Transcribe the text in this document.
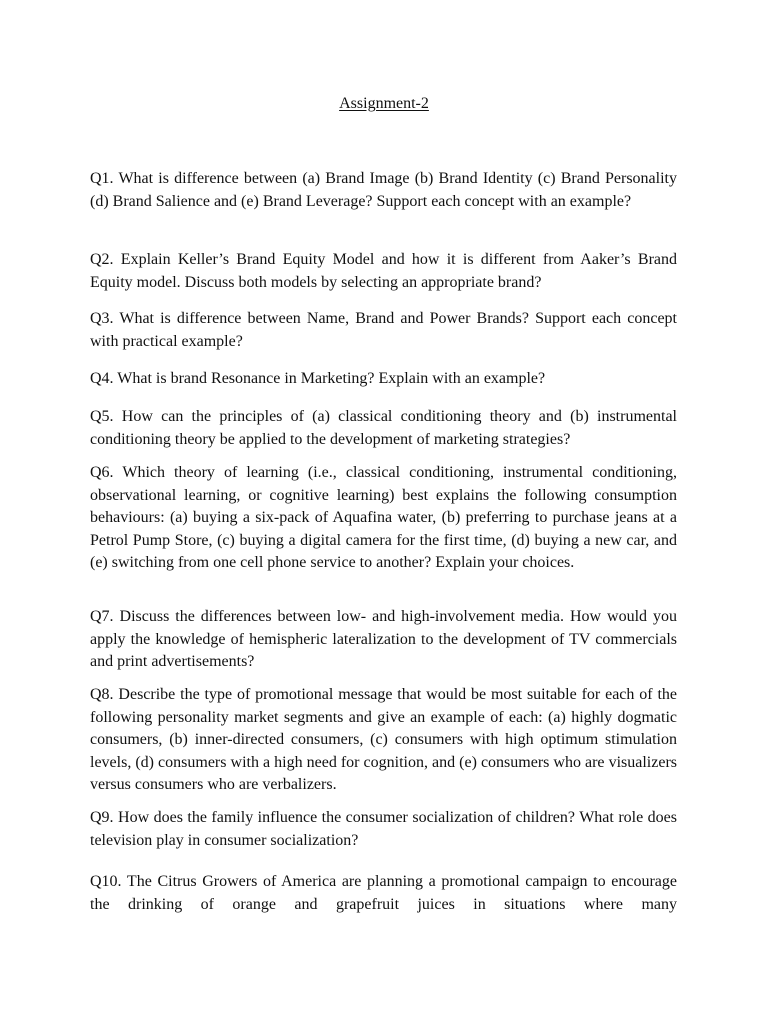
Assignment-2

Q1. What is difference between (a) Brand Image (b) Brand Identity (c) Brand Personality (d) Brand Salience and (e) Brand Leverage? Support each concept with an example?

Q2. Explain Keller’s Brand Equity Model and how it is different from Aaker’s Brand Equity model. Discuss both models by selecting an appropriate brand?

Q3. What is difference between Name, Brand and Power Brands? Support each concept with practical example?

Q4. What is brand Resonance in Marketing? Explain with an example?

Q5. How can the principles of (a) classical conditioning theory and (b) instrumental conditioning theory be applied to the development of marketing strategies?

Q6. Which theory of learning (i.e., classical conditioning, instrumental conditioning, observational learning, or cognitive learning) best explains the following consumption behaviours: (a) buying a six-pack of Aquafina water, (b) preferring to purchase jeans at a Petrol Pump Store, (c) buying a digital camera for the first time, (d) buying a new car, and (e) switching from one cell phone service to another? Explain your choices.

Q7. Discuss the differences between low- and high-involvement media. How would you apply the knowledge of hemispheric lateralization to the development of TV commercials and print advertisements?

Q8. Describe the type of promotional message that would be most suitable for each of the following personality market segments and give an example of each: (a) highly dogmatic consumers, (b) inner-directed consumers, (c) consumers with high optimum stimulation levels, (d) consumers with a high need for cognition, and (e) consumers who are visualizers versus consumers who are verbalizers.

Q9. How does the family influence the consumer socialization of children? What role does television play in consumer socialization?

Q10. The Citrus Growers of America are planning a promotional campaign to encourage the drinking of orange and grapefruit juices in situations where many
